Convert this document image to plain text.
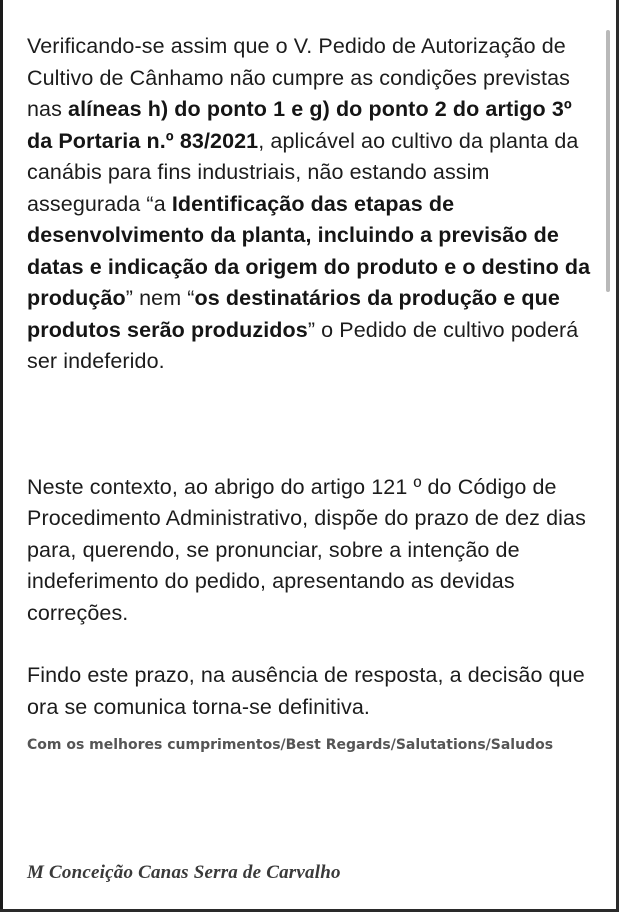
Verificando-se assim que o V. Pedido de Autorização de Cultivo de Cânhamo não cumpre as condições previstas nas alíneas h) do ponto 1 e g) do ponto 2 do artigo 3º da Portaria n.º 83/2021, aplicável ao cultivo da planta da canábis para fins industriais, não estando assim assegurada “a Identificação das etapas de desenvolvimento da planta, incluindo a previsão de datas e indicação da origem do produto e o destino da produção” nem “os destinatários da produção e que produtos serão produzidos” o Pedido de cultivo poderá ser indeferido.

Neste contexto, ao abrigo do artigo 121 º do Código de Procedimento Administrativo, dispõe do prazo de dez dias para, querendo, se pronunciar, sobre a intenção de indeferimento do pedido, apresentando as devidas correções.

Findo este prazo, na ausência de resposta, a decisão que ora se comunica torna-se definitiva.

Com os melhores cumprimentos/Best Regards/Salutations/Saludos

M Conceição Canas Serra de Carvalho
